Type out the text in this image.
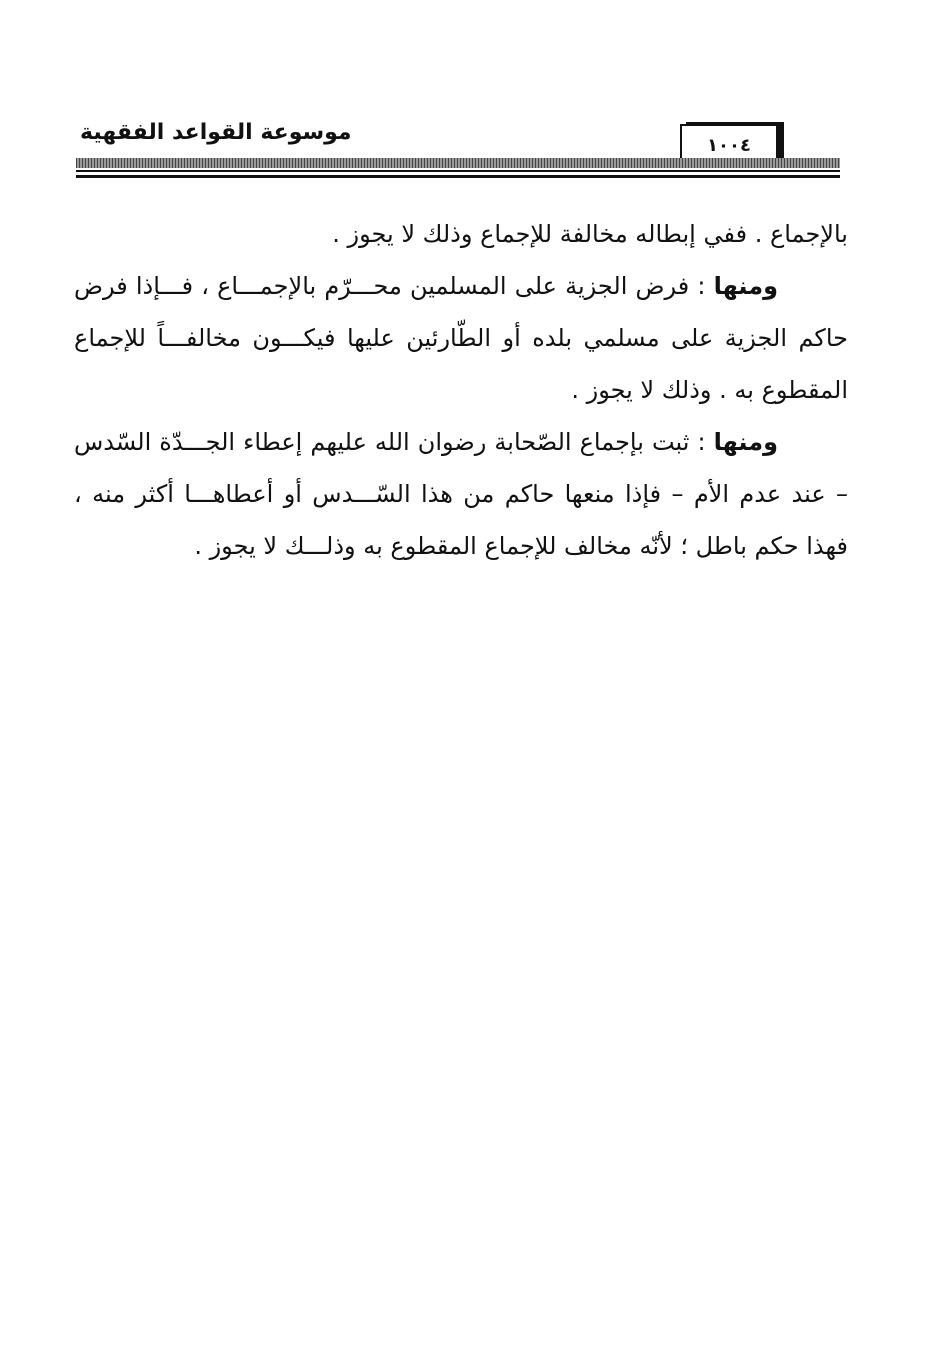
موسوعة القواعد الفقهية
١٠٠٤

بالإجماع . ففي إبطاله مخالفة للإجماع وذلك لا يجوز .

ومنها : فرض الجزية على المسلمين محـــرّم بالإجمـــاع ، فـــإذا فرض حاكم الجزية على مسلمي بلده أو الطّارئين عليها فيكـــون مخالفـــاً للإجماع المقطوع به . وذلك لا يجوز .

ومنها : ثبت بإجماع الصّحابة رضوان الله عليهم إعطاء الجـــدّة السّدس – عند عدم الأم – فإذا منعها حاكم من هذا السّـــدس أو أعطاهـــا أكثر منه ، فهذا حكم باطل ؛ لأنّه مخالف للإجماع المقطوع به وذلـــك لا يجوز .
